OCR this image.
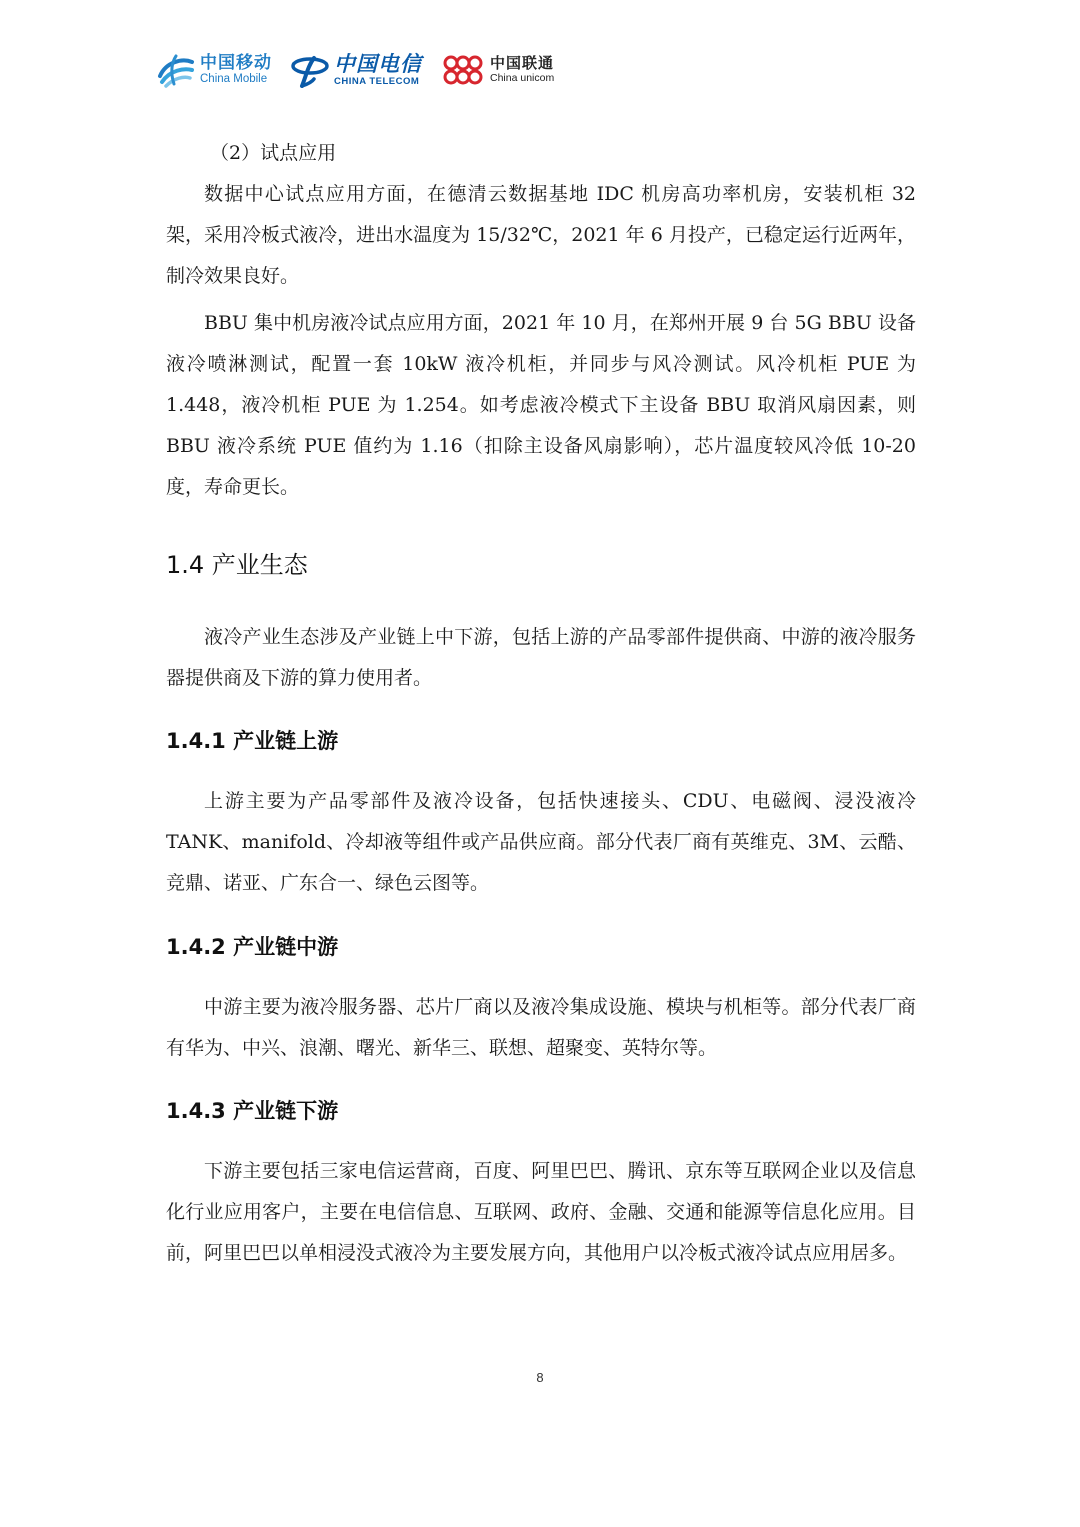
中国移动
China Mobile
中国电信
CHINA TELECOM
中国联通
China unicom

（2）试点应用

数据中心试点应用方面，在德清云数据基地 IDC 机房高功率机房，安装机柜 32 架，采用冷板式液冷，进出水温度为 15/32℃，2021 年 6 月投产，已稳定运行近两年，制冷效果良好。

BBU 集中机房液冷试点应用方面，2021 年 10 月，在郑州开展 9 台 5G BBU 设备液冷喷淋测试，配置一套 10kW 液冷机柜，并同步与风冷测试。风冷机柜 PUE 为 1.448，液冷机柜 PUE 为 1.254。如考虑液冷模式下主设备 BBU 取消风扇因素，则 BBU 液冷系统 PUE 值约为 1.16（扣除主设备风扇影响），芯片温度较风冷低 10-20 度，寿命更长。

1.4 产业生态

液冷产业生态涉及产业链上中下游，包括上游的产品零部件提供商、中游的液冷服务器提供商及下游的算力使用者。

1.4.1 产业链上游

上游主要为产品零部件及液冷设备，包括快速接头、CDU、电磁阀、浸没液冷 TANK、manifold、冷却液等组件或产品供应商。部分代表厂商有英维克、3M、云酷、竞鼎、诺亚、广东合一、绿色云图等。

1.4.2 产业链中游

中游主要为液冷服务器、芯片厂商以及液冷集成设施、模块与机柜等。部分代表厂商有华为、中兴、浪潮、曙光、新华三、联想、超聚变、英特尔等。

1.4.3 产业链下游

下游主要包括三家电信运营商，百度、阿里巴巴、腾讯、京东等互联网企业以及信息化行业应用客户，主要在电信信息、互联网、政府、金融、交通和能源等信息化应用。目前，阿里巴巴以单相浸没式液冷为主要发展方向，其他用户以冷板式液冷试点应用居多。

8
